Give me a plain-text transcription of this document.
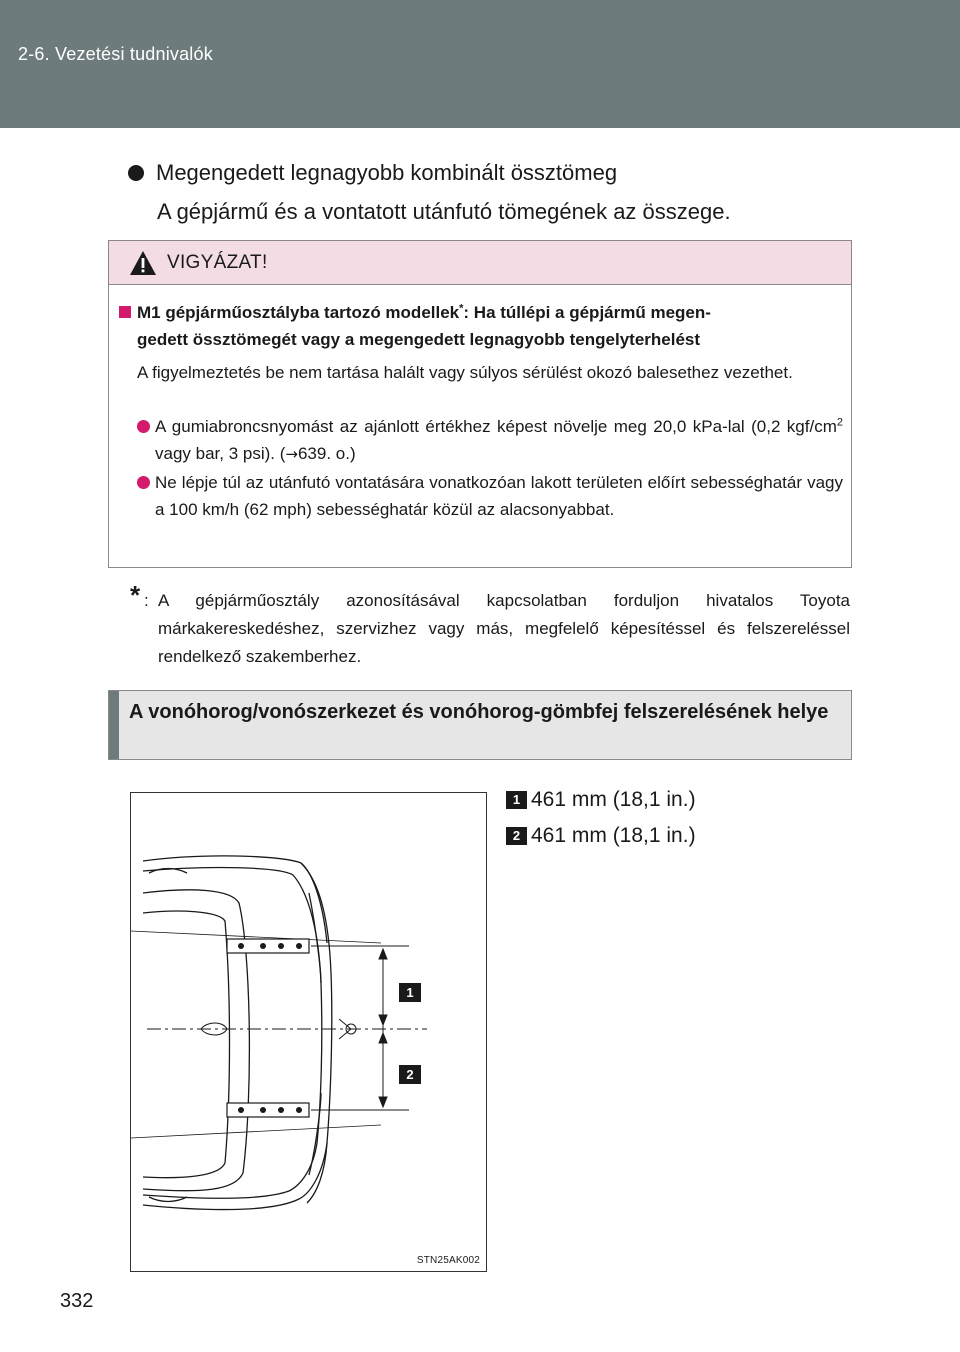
2-6. Vezetési tudnivalók
Megengedett legnagyobb kombinált össztömeg
A gépjármű és a vontatott utánfutó tömegének az összege.
VIGYÁZAT!
M1 gépjárműosztályba tartozó modellek*: Ha túllépi a gépjármű megen-
gedett össztömegét vagy a megengedett legnagyobb tengelyterhelést
A figyelmeztetés be nem tartása halált vagy súlyos sérülést okozó balesethez vezethet.
A gumiabroncsnyomást az ajánlott értékhez képest növelje meg 20,0 kPa-lal (0,2 kgf/$cm^2$ vagy bar, 3 psi). (→639. o.)
Ne lépje túl az utánfutó vontatására vonatkozóan lakott területen előírt sebességhatár vagy a 100 km/h (62 mph) sebességhatár közül az alacsonyabbat.
* : A gépjárműosztály azonosításával kapcsolatban forduljon hivatalos Toyota márkakereskedéshez, szervizhez vagy más, megfelelő képesítéssel és felszereléssel rendelkező szakemberhez.
A vonóhorog/vonószerkezet és vonóhorog-gömbfej felszerelésének helye
1
2
STN25AK002
1 461 mm (18,1 in.)
2 461 mm (18,1 in.)
332
